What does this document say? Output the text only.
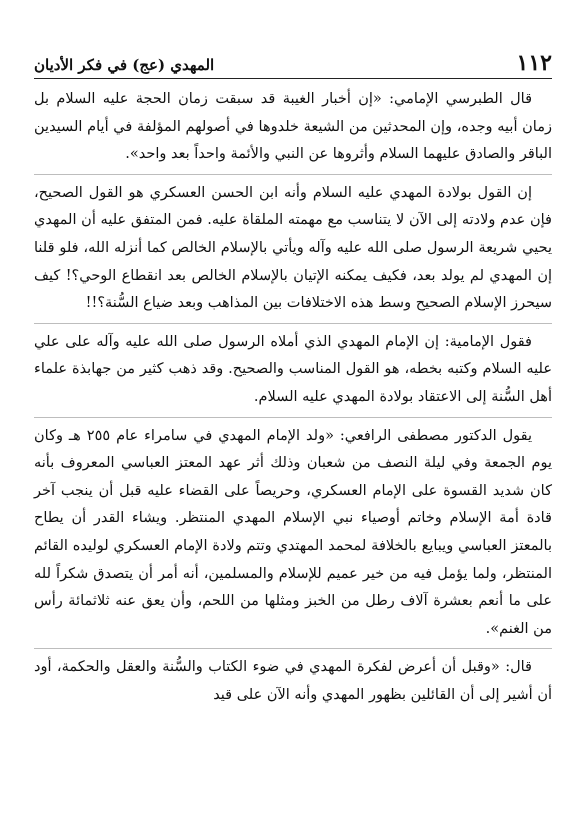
١١٢
المهدي (عج) في فكر الأديان

قال الطبرسي الإمامي: «إن أخبار الغيبة قد سبقت زمان الحجة عليه السلام بل زمان أبيه وجده، وإن المحدثين من الشيعة خلدوها في أصولهم المؤلفة في أيام السيدين الباقر والصادق عليهما السلام وأثروها عن النبي والأئمة واحداً بعد واحد».

إن القول بولادة المهدي عليه السلام وأنه ابن الحسن العسكري هو القول الصحيح، فإن عدم ولادته إلى الآن لا يتناسب مع مهمته الملقاة عليه. فمن المتفق عليه أن المهدي يحيي شريعة الرسول صلى الله عليه وآله ويأتي بالإسلام الخالص كما أنزله الله، فلو قلنا إن المهدي لم يولد بعد، فكيف يمكنه الإتيان بالإسلام الخالص بعد انقطاع الوحي؟! كيف سيحرز الإسلام الصحيح وسط هذه الاختلافات بين المذاهب وبعد ضياع السُّنة؟!!

فقول الإمامية: إن الإمام المهدي الذي أملاه الرسول صلى الله عليه وآله على علي عليه السلام وكتبه بخطه، هو القول المناسب والصحيح. وقد ذهب كثير من جهابذة علماء أهل السُّنة إلى الاعتقاد بولادة المهدي عليه السلام.

يقول الدكتور مصطفى الرافعي: «ولد الإمام المهدي في سامراء عام ٢٥٥ هـ وكان يوم الجمعة وفي ليلة النصف من شعبان وذلك أثر عهد المعتز العباسي المعروف بأنه كان شديد القسوة على الإمام العسكري، وحريصاً على القضاء عليه قبل أن ينجب آخر قادة أمة الإسلام وخاتم أوصياء نبي الإسلام المهدي المنتظر. ويشاء القدر أن يطاح بالمعتز العباسي ويبايع بالخلافة لمحمد المهتدي وتتم ولادة الإمام العسكري لوليده القائم المنتظر، ولما يؤمل فيه من خير عميم للإسلام والمسلمين، أنه أمر أن يتصدق شكراً لله على ما أنعم بعشرة آلاف رطل من الخبز ومثلها من اللحم، وأن يعق عنه ثلاثمائة رأس من الغنم».

قال: «وقبل أن أعرض لفكرة المهدي في ضوء الكتاب والسُّنة والعقل والحكمة، أود أن أشير إلى أن القائلين بظهور المهدي وأنه الآن على قيد
